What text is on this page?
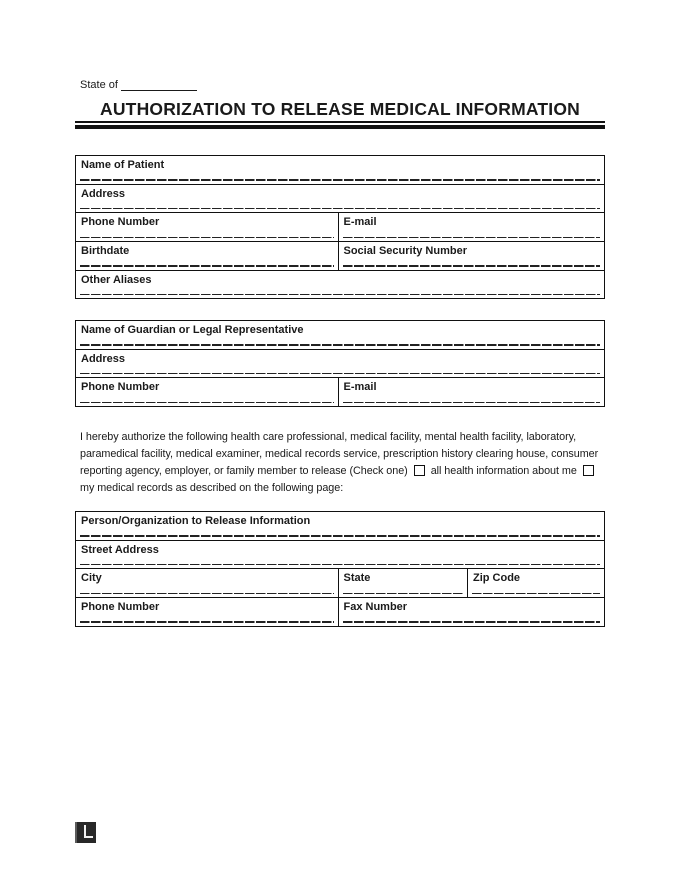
State of
AUTHORIZATION TO RELEASE MEDICAL INFORMATION
Name of Patient
Address
Phone Number	E-mail
Birthdate	Social Security Number
Other Aliases
Name of Guardian or Legal Representative
Address
Phone Number	E-mail
I hereby authorize the following health care professional, medical facility, mental health facility, laboratory, paramedical facility, medical examiner, medical records service, prescription history clearing house, consumer reporting agency, employer, or family member to release (Check one) all health information about memy medical records as described on the following page:
Person/Organization to Release Information
Street Address
City	State	Zip Code
Phone Number	Fax Number
